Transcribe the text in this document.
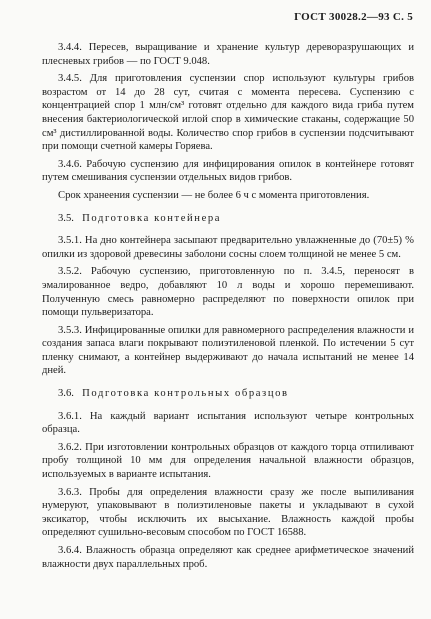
ГОСТ 30028.2—93 С. 5

3.4.4. Пересев, выращивание и хранение культур дереворазрушающих и плесневых грибов — по ГОСТ 9.048.

3.4.5. Для приготовления суспензии спор используют культуры грибов возрастом от 14 до 28 сут, считая с момента пересева. Суспензию с концентрацией спор 1 млн/см³ готовят отдельно для каждого вида гриба путем внесения бактериологической иглой спор в химические стаканы, содержащие 50 см³ дистиллированной воды. Количество спор грибов в суспензии подсчитывают при помощи счетной камеры Горяева.

3.4.6. Рабочую суспензию для инфицирования опилок в контейнере готовят путем смешивания суспензии отдельных видов грибов.

Срок хранеeния суспензии — не более 6 ч с момента приготовления.

3.5. Подготовка контейнера

3.5.1. На дно контейнера засыпают предварительно увлажненные до (70±5) % опилки из здоровой древесины заболони сосны слоем толщиной не менее 5 см.

3.5.2. Рабочую суспензию, приготовленную по п. 3.4.5, переносят в эмалированное ведро, добавляют 10 л воды и хорошо перемешивают. Полученную смесь равномерно распределяют по поверхности опилок при помощи пульверизатора.

3.5.3. Инфицированные опилки для равномерного распределения влажности и создания запаса влаги покрывают полиэтиленовой пленкой. По истечении 5 сут пленку снимают, а контейнер выдерживают до начала испытаний не менее 14 дней.

3.6. Подготовка контрольных образцов

3.6.1. На каждый вариант испытания используют четыре контрольных образца.

3.6.2. При изготовлении контрольных образцов от каждого торца отпиливают пробу толщиной 10 мм для определения начальной влажности образцов, используемых в варианте испытания.

3.6.3. Пробы для определения влажности сразу же после выпиливания нумеруют, упаковывают в полиэтиленовые пакеты и укладывают в сухой эксикатор, чтобы исключить их высыхание. Влажность каждой пробы определяют сушильно-весовым способом по ГОСТ 16588.

3.6.4. Влажность образца определяют как среднее арифметическое значений влажности двух параллельных проб.
